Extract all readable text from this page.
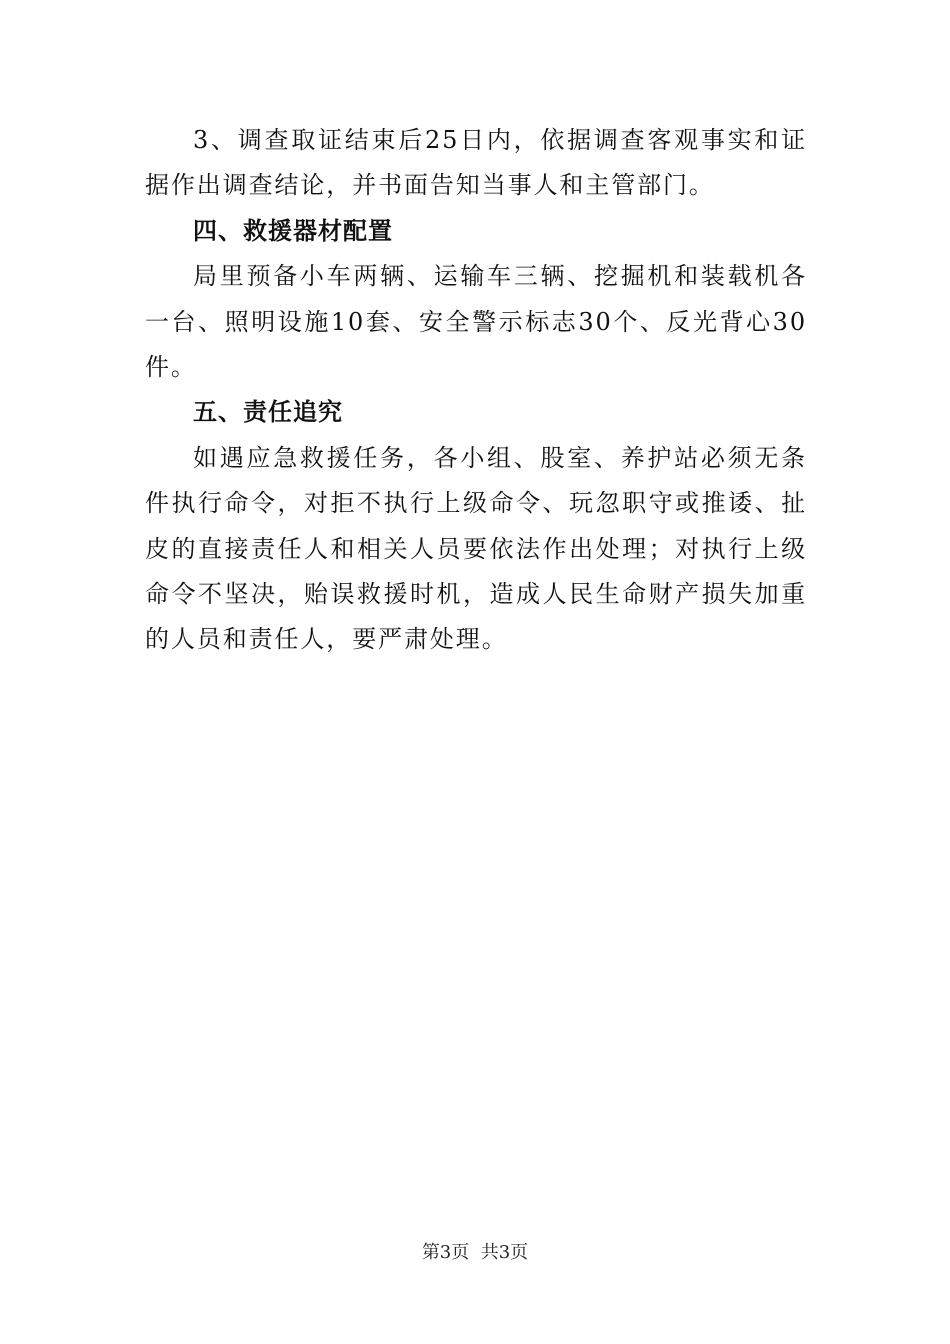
3、调查取证结束后25日内，依据调查客观事实和证据作出调查结论，并书面告知当事人和主管部门。

四、救援器材配置

局里预备小车两辆、运输车三辆、挖掘机和装载机各一台、照明设施10套、安全警示标志30个、反光背心30件。

五、责任追究

如遇应急救援任务，各小组、股室、养护站必须无条件执行命令，对拒不执行上级命令、玩忽职守或推诿、扯皮的直接责任人和相关人员要依法作出处理；对执行上级命令不坚决，贻误救援时机，造成人民生命财产损失加重的人员和责任人，要严肃处理。

第3页  共3页
